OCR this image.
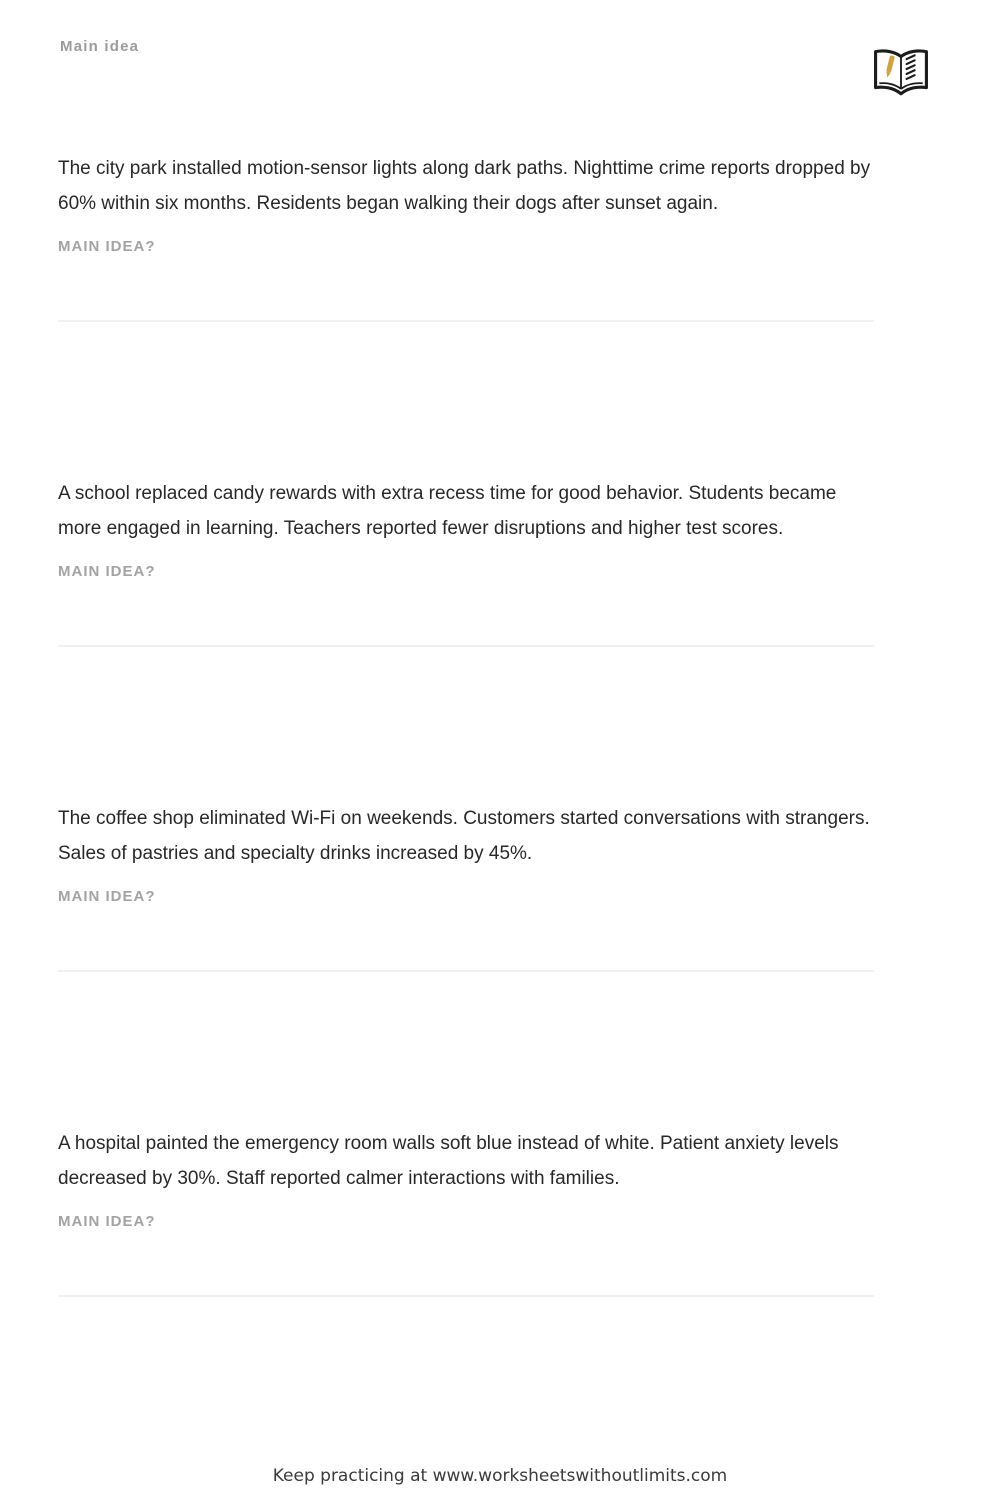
Main idea

The city park installed motion-sensor lights along dark paths. Nighttime crime reports dropped by 60% within six months. Residents began walking their dogs after sunset again.

MAIN IDEA?

A school replaced candy rewards with extra recess time for good behavior. Students became more engaged in learning. Teachers reported fewer disruptions and higher test scores.

MAIN IDEA?

The coffee shop eliminated Wi-Fi on weekends. Customers started conversations with strangers. Sales of pastries and specialty drinks increased by 45%.

MAIN IDEA?

A hospital painted the emergency room walls soft blue instead of white. Patient anxiety levels decreased by 30%. Staff reported calmer interactions with families.

MAIN IDEA?
Keep practicing at www.worksheetswithoutlimits.com
